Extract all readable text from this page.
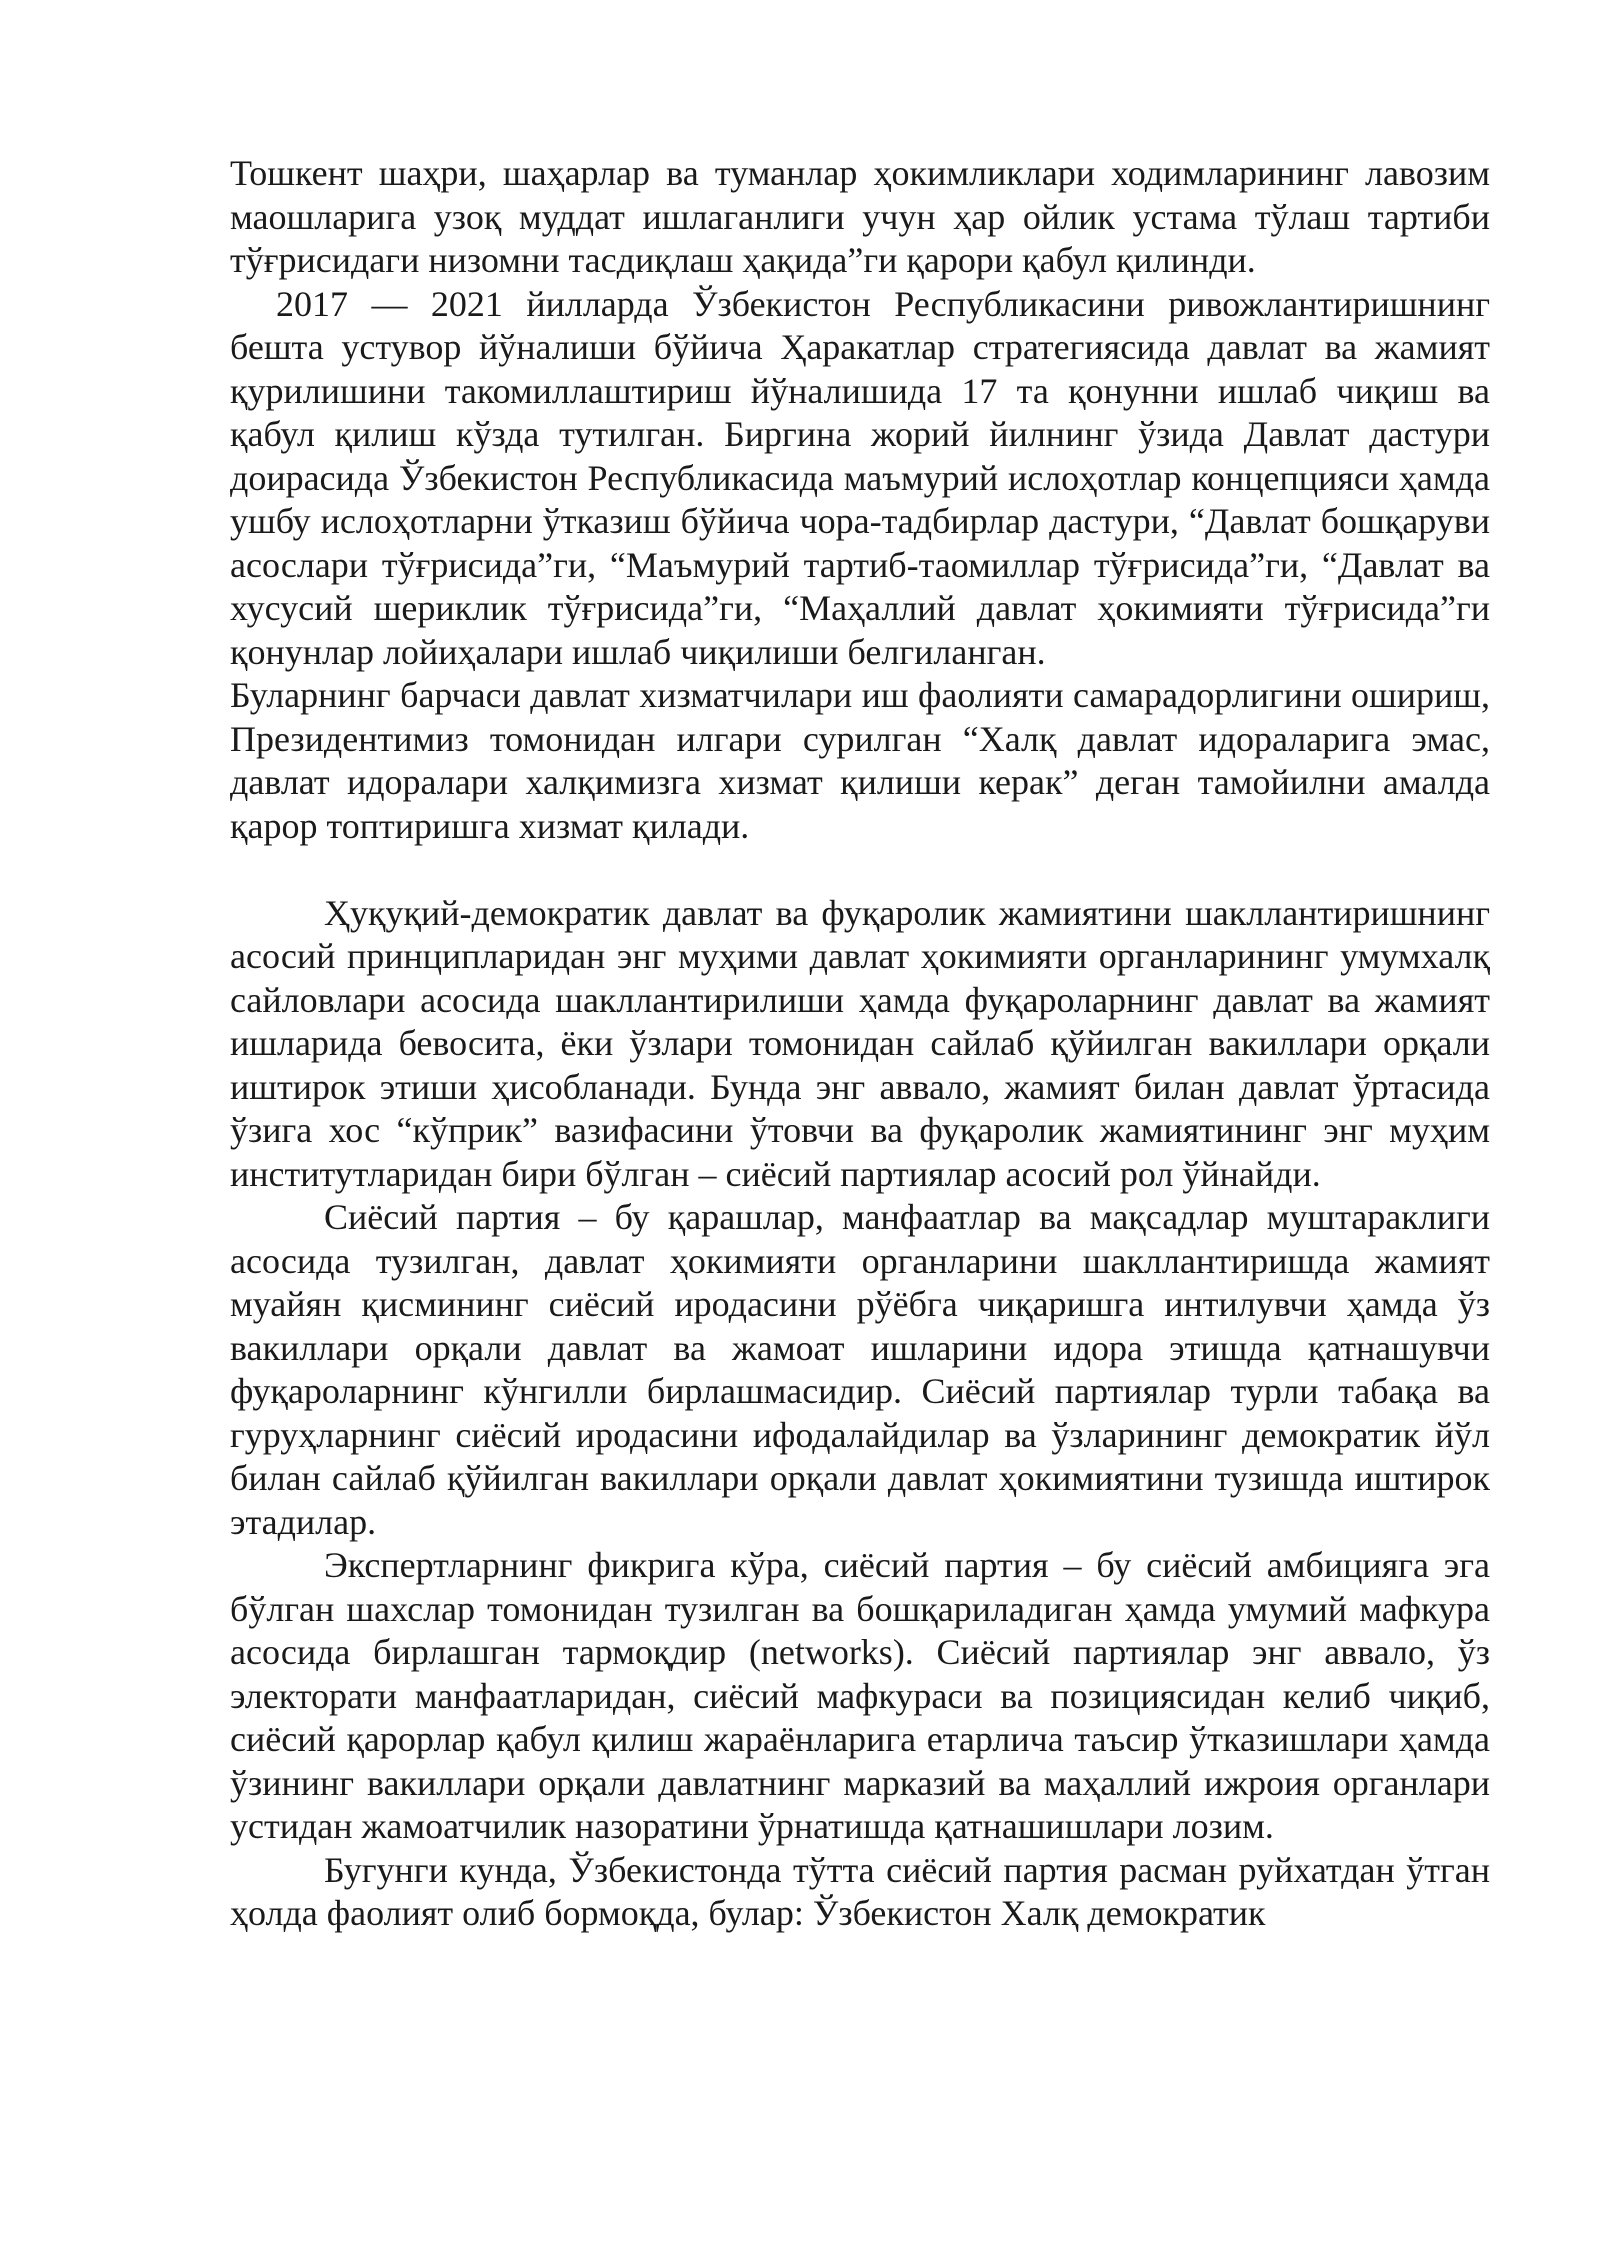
Тошкент шаҳри, шаҳарлар ва туманлар ҳокимликлари ходимларининг лавозим маошларига узоқ муддат ишлаганлиги учун ҳар ойлик устама тўлаш тартиби тўғрисидаги низомни тасдиқлаш ҳақида”ги қарори қабул қилинди.

2017 — 2021 йилларда Ўзбекистон Республикасини ривожлантиришнинг бешта устувор йўналиши бўйича Ҳаракатлар стратегиясида давлат ва жамият қурилишини такомиллаштириш йўналишида 17 та қонунни ишлаб чиқиш ва қабул қилиш кўзда тутилган. Биргина жорий йилнинг ўзида Давлат дастури доирасида Ўзбекистон Республикасида маъмурий ислоҳотлар концепцияси ҳамда ушбу ислоҳотларни ўтказиш бўйича чора-тадбирлар дастури, “Давлат бошқаруви асослари тўғрисида”ги, “Маъмурий тартиб-таомиллар тўғрисида”ги, “Давлат ва хусусий шериклик тўғрисида”ги, “Маҳаллий давлат ҳокимияти тўғрисида”ги қонунлар лойиҳалари ишлаб чиқилиши белгиланган.

Буларнинг барчаси давлат хизматчилари иш фаолияти самарадорлигини ошириш, Президентимиз томонидан илгари сурилган “Халқ давлат идораларига эмас, давлат идоралари халқимизга хизмат қилиши керак” деган тамойилни амалда қарор топтиришга хизмат қилади.

Ҳуқуқий-демократик давлат ва фуқаролик жамиятини шакллантиришнинг асосий принципларидан энг муҳими давлат ҳокимияти органларининг умумхалқ сайловлари асосида шакллантирилиши ҳамда фуқароларнинг давлат ва жамият ишларида бевосита, ёки ўзлари томонидан сайлаб қўйилган вакиллари орқали иштирок этиши ҳисобланади. Бунда энг аввало, жамият билан давлат ўртасида ўзига хос “кўприк” вазифасини ўтовчи ва фуқаролик жамиятининг энг муҳим институтларидан бири бўлган – сиёсий партиялар асосий рол ўйнайди.

Сиёсий партия – бу қарашлар, манфаатлар ва мақсадлар муштараклиги асосида тузилган, давлат ҳокимияти органларини шакллантиришда жамият муайян қисмининг сиёсий иродасини рўёбга чиқаришга интилувчи ҳамда ўз вакиллари орқали давлат ва жамоат ишларини идора этишда қатнашувчи фуқароларнинг кўнгилли бирлашмасидир. Сиёсий партиялар турли табақа ва гуруҳларнинг сиёсий иродасини ифодалайдилар ва ўзларининг демократик йўл билан сайлаб қўйилган вакиллари орқали давлат ҳокимиятини тузишда иштирок этадилар.

Экспертларнинг фикрига кўра, сиёсий партия – бу сиёсий амбицияга эга бўлган шахслар томонидан тузилган ва бошқариладиган ҳамда умумий мафкура асосида бирлашган тармоқдир (networks). Сиёсий партиялар энг аввало, ўз электорати манфаатларидан, сиёсий мафкураси ва позициясидан келиб чиқиб, сиёсий қарорлар қабул қилиш жараёнларига етарлича таъсир ўтказишлари ҳамда ўзининг вакиллари орқали давлатнинг марказий ва маҳаллий ижроия органлари устидан жамоатчилик назоратини ўрнатишда қатнашишлари лозим.

Бугунги кунда, Ўзбекистонда тўтта сиёсий партия расман руйхатдан ўтган ҳолда фаолият олиб бормоқда, булар: Ўзбекистон Халқ демократик
